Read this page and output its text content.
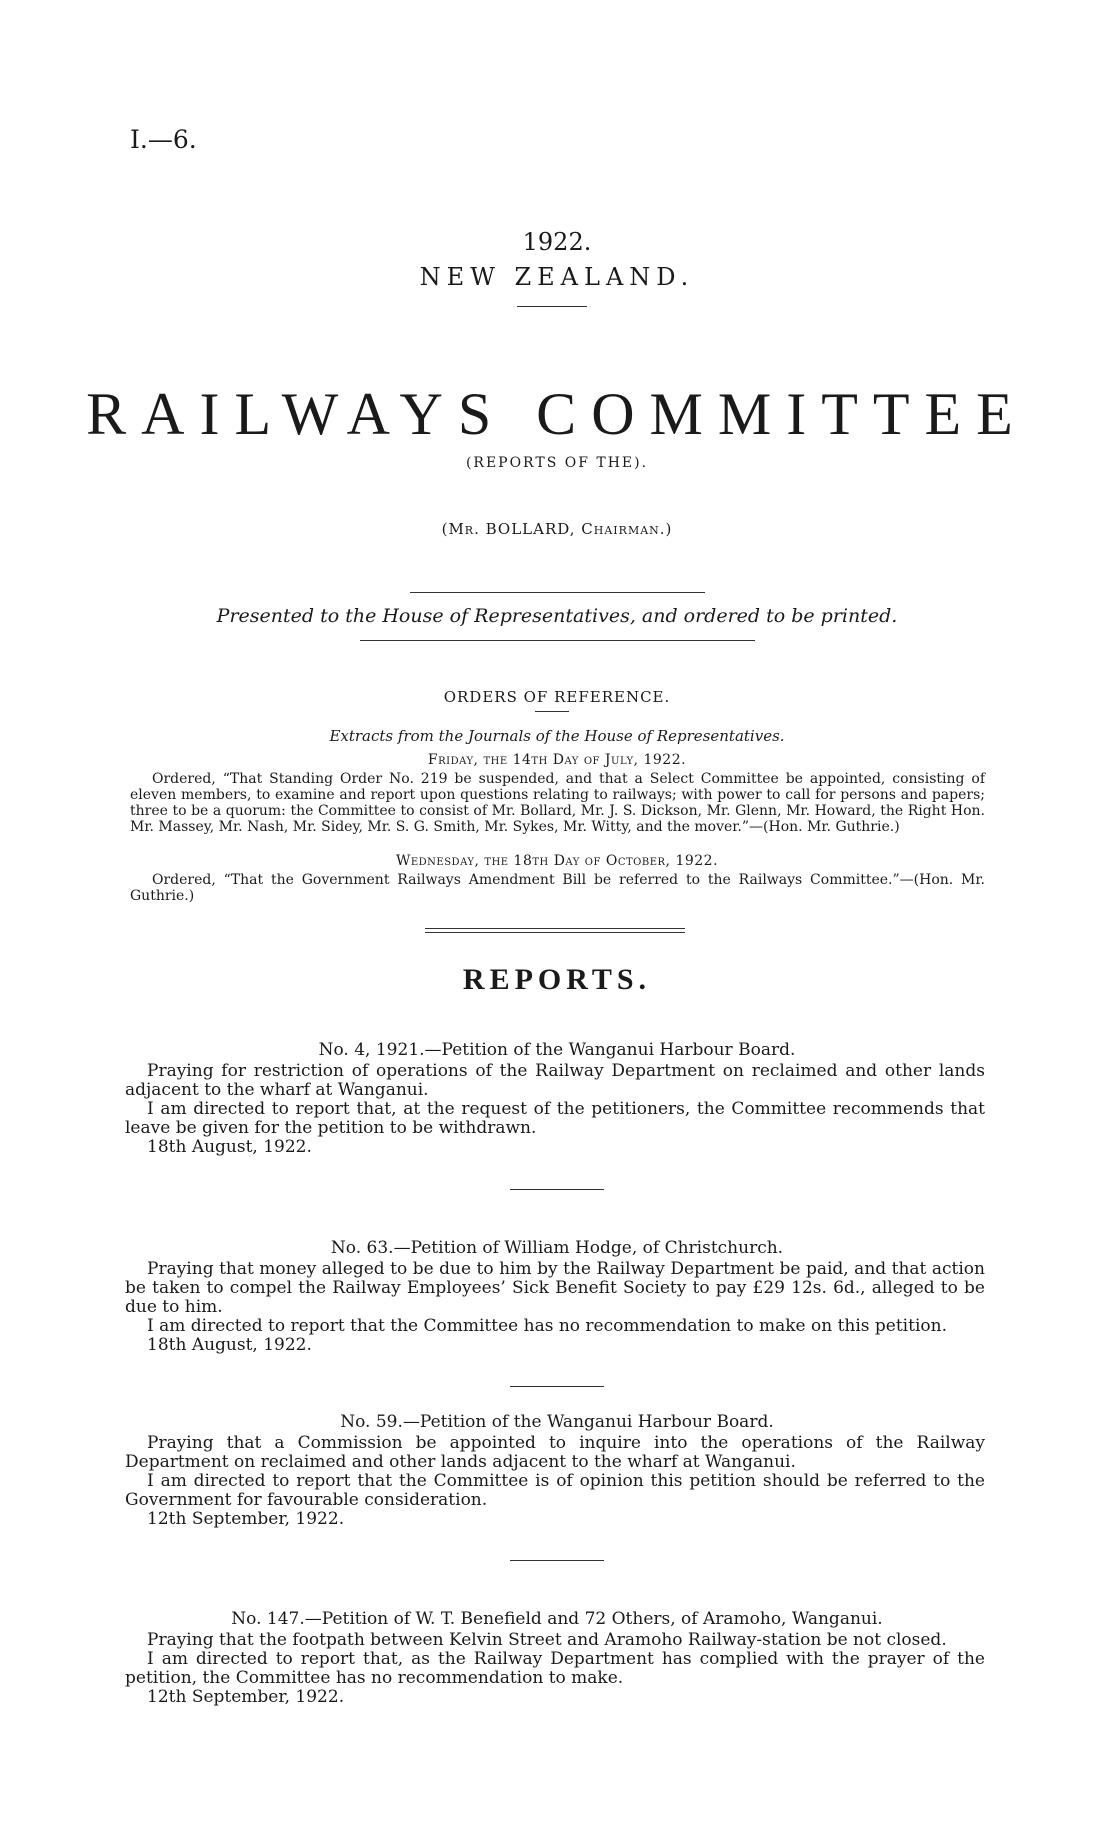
I.—6.
1922.
NEW ZEALAND.
RAILWAYS COMMITTEE
(REPORTS OF THE).
(Mr. BOLLARD, Chairman.)
Presented to the House of Representatives, and ordered to be printed.
ORDERS OF REFERENCE.
Extracts from the Journals of the House of Representatives.
Friday, the 14th Day of July, 1922.
Ordered, “That Standing Order No. 219 be suspended, and that a Select Committee be appointed, consisting of eleven members, to examine and report upon questions relating to railways; with power to call for persons and papers; three to be a quorum: the Committee to consist of Mr. Bollard, Mr. J. S. Dickson, Mr. Glenn, Mr. Howard, the Right Hon. Mr. Massey, Mr. Nash, Mr. Sidey, Mr. S. G. Smith, Mr. Sykes, Mr. Witty, and the mover.”—(Hon. Mr. Guthrie.)
Wednesday, the 18th Day of October, 1922.
Ordered, “That the Government Railways Amendment Bill be referred to the Railways Committee.”—(Hon. Mr. Guthrie.)
REPORTS.
No. 4, 1921.—Petition of the Wanganui Harbour Board.
Praying for restriction of operations of the Railway Department on reclaimed and other lands adjacent to the wharf at Wanganui.
I am directed to report that, at the request of the petitioners, the Committee recommends that leave be given for the petition to be withdrawn.
18th August, 1922.
No. 63.—Petition of William Hodge, of Christchurch.
Praying that money alleged to be due to him by the Railway Department be paid, and that action be taken to compel the Railway Employees’ Sick Benefit Society to pay £29 12s. 6d., alleged to be due to him.
I am directed to report that the Committee has no recommendation to make on this petition.
18th August, 1922.
No. 59.—Petition of the Wanganui Harbour Board.
Praying that a Commission be appointed to inquire into the operations of the Railway Department on reclaimed and other lands adjacent to the wharf at Wanganui.
I am directed to report that the Committee is of opinion this petition should be referred to the Government for favourable consideration.
12th September, 1922.
No. 147.—Petition of W. T. Benefield and 72 Others, of Aramoho, Wanganui.
Praying that the footpath between Kelvin Street and Aramoho Railway-station be not closed.
I am directed to report that, as the Railway Department has complied with the prayer of the petition, the Committee has no recommendation to make.
12th September, 1922.
